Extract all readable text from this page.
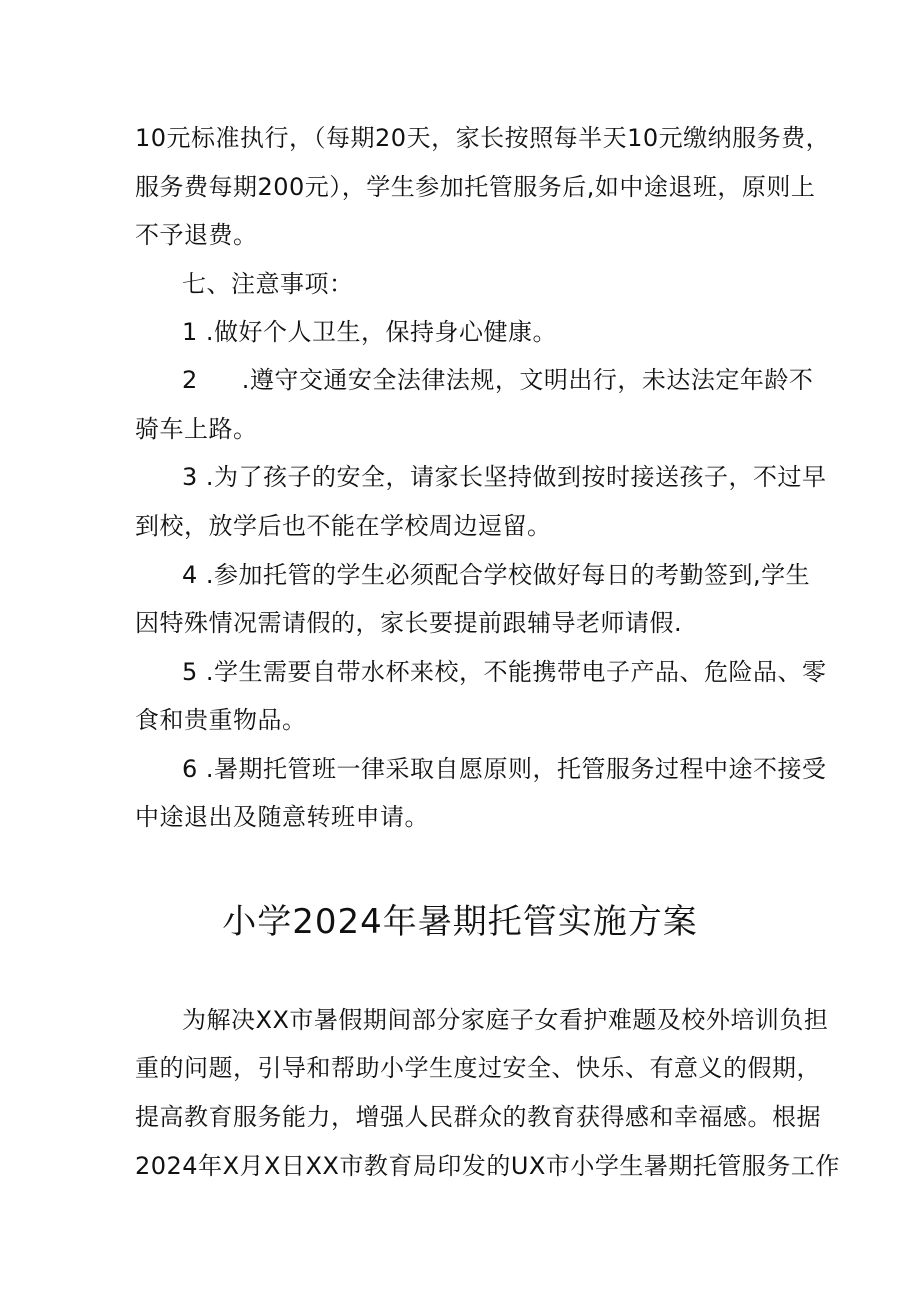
10元标准执行，（每期20天，家长按照每半天10元缴纳服务费，
服务费每期200元），学生参加托管服务后,如中途退班，原则上
不予退费。
七、注意事项：
1 .做好个人卫生，保持身心健康。
2 .遵守交通安全法律法规，文明出行，未达法定年龄不
骑车上路。
3 .为了孩子的安全，请家长坚持做到按时接送孩子，不过早
到校，放学后也不能在学校周边逗留。
4 .参加托管的学生必须配合学校做好每日的考勤签到,学生
因特殊情况需请假的，家长要提前跟辅导老师请假.
5 .学生需要自带水杯来校，不能携带电子产品、危险品、零
食和贵重物品。
6 .暑期托管班一律采取自愿原则，托管服务过程中途不接受
中途退出及随意转班申请。
小学2024年暑期托管实施方案
为解决XX市暑假期间部分家庭子女看护难题及校外培训负担
重的问题，引导和帮助小学生度过安全、快乐、有意义的假期，
提高教育服务能力，增强人民群众的教育获得感和幸福感。根据
2024年X月X日XX市教育局印发的UX市小学生暑期托管服务工作
